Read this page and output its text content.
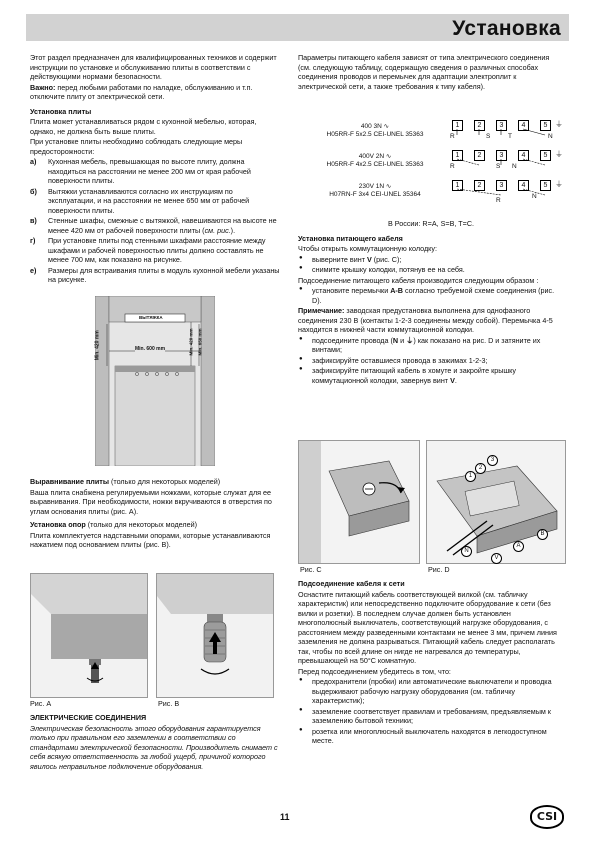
Установка

Этот раздел предназначен для квалифицированных техников и содержит инструкции по установке и обслуживанию плиты в соответствии с действующими нормами безопасности.

Важно: перед любыми работами по наладке, обслуживанию и т.п. отключите плиту от электрической сети.

Установка плиты

Плита может устанавливаться рядом с кухонной мебелью, которая, однако, не должна быть выше плиты.

При установке плиты необходимо соблюдать следующие меры предосторожности:

а) Кухонная мебель, превышающая по высоте плиту, должна находиться на расстоянии не менее 200 мм от края рабочей поверхности плиты.
б) Вытяжки устанавливаются согласно их инструкциям по эксплуатации, и на расстоянии не менее 650 мм от рабочей поверхности плиты.
в) Стенные шкафы, смежные с вытяжкой, навешиваются на высоте не менее 420 мм от рабочей поверхности плиты (см. рис.).
г) При установке плиты под стенными шкафами расстояние между шкафами и рабочей поверхностью плиты должно составлять не менее 700 мм, как показано на рисунке.
е) Размеры для встраивания плиты в модуль кухонной мебели указаны на рисунке.
ВЫТЯЖКА
Мin. 600 mm
Min. 420 mm	Min. 420 mm Min. 650 mm

Выравнивание плиты (только для некоторых моделей)

Ваша плита снабжена регулируемыми ножками, которые служат для ее выравнивания. При необходимости, ножки вкручиваются в отверстия по углам основания плиты (рис. А).

Установка опор (только для некоторых моделей)

Плита комплектуется надставными опорами, которые устанавливаются нажатием под основанием плиты (рис. В).

Рис. А	Рис. В

ЭЛЕКТРИЧЕСКИЕ СОЕДИНЕНИЯ

Электрическая безопасность этого оборудования гарантируется только при правильном его заземлении в соответствии со стандартами электрической безопасности. Производитель снимает с себя всякую ответственность за любой ущерб, причиной которого явилось неправильное подключение оборудования.

Параметры питающего кабеля зависят от типа электрического соединения (см. следующую таблицу, содержащую сведения о различных способах соединения проводов и перемычек для адаптации электроплит к электрической сети, а также требования к типу кабеля).

400 3N ∿
H05RR-F 5x2.5 CEI-UNEL 35363
1	2	3	4	5 ⏚
R	S	T	N
400V 2N ∿
H05RR-F 4x2.5 CEI-UNEL 35363
1	2	3	4	5 ⏚
R	S N
230V 1N ∿
H07RN-F 3x4 CEI-UNEL 35364
1	2	3	4	5 ⏚
R
N

В России: R=A, S=B, T=C.

Установка питающего кабеля

Чтобы открыть коммутационную колодку:

● выверните винт V (рис. С);
● снимите крышку колодки, потянув ее на себя.

Подсоединение питающего кабеля производится следующим образом :

● установите перемычки А-В согласно требуемой схеме соединения (рис. D).

Примечание: заводская предустановка выполнена для однофазного соединения 230 В (контакты 1-2-3 соединены между собой). Перемычка 4-5 находится в нижней части коммутационной колодки.

● подсоедините провода (N и ⏚) как показано на рис. D и затяните их винтами;
● зафиксируйте оставшиеся провода в зажимах 1-2-3;
● зафиксируйте питающий кабель в хомуте и закройте крышку коммутационной колодки, завернув винт V.
Рис. С
1
2
3
B
A
N
V
Рис. D

Подсоединение кабеля к сети

Оснастите питающий кабель соответствующей вилкой (см. табличку характеристик) или непосредственно подключите оборудование к сети (без вилки и розетки). В последнем случае должен быть установлен многополюсный выключатель, соответствующий нагрузке оборудования, с расстоянием между разведенными контактами не менее 3 мм, причем линия заземления не должна разрываться. Питающий кабель следует располагать так, чтобы по всей длине он нигде не нагревался до температуры, превышающей на 50°С комнатную.

Перед подсоединением убедитесь в том, что:

● предохранители (пробки) или автоматические выключатели и проводка выдерживают рабочую нагрузку оборудования (см. табличку характеристик);
● заземление соответствует правилам и требованиям, предъявляемым к заземлению бытовой техники;
● розетка или многоплюсный выключатель находятся в легкодоступном месте.
11	CSI
